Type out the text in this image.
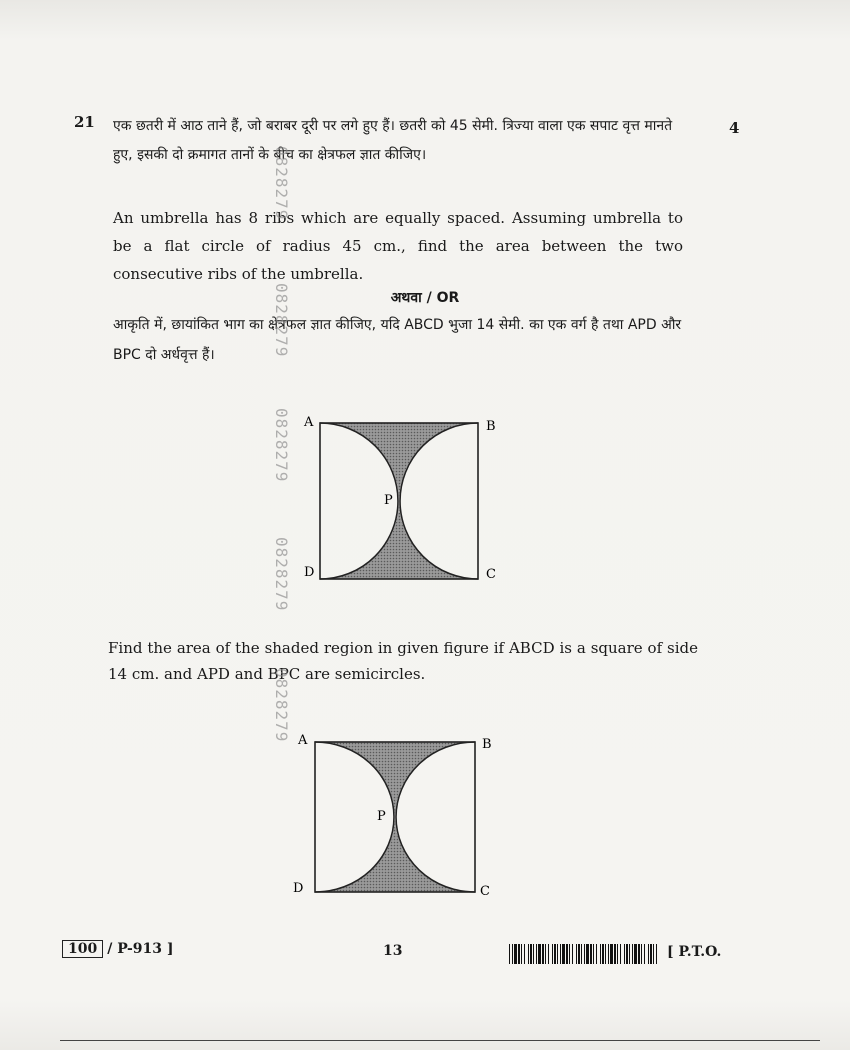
21	4
एक छतरी में आठ ताने हैं, जो बराबर दूरी पर लगे हुए हैं। छतरी को 45 सेमी. त्रिज्या वाला एक सपाट वृत्त मानते हुए, इसकी दो क्रमागत तानों के बीच का क्षेत्रफल ज्ञात कीजिए।
An umbrella has 8 ribs which are equally spaced. Assuming umbrella to be a flat circle of radius 45 cm., find the area between the two consecutive ribs of the umbrella.
अथवा / OR
आकृति में, छायांकित भाग का क्षेत्रफल ज्ञात कीजिए, यदि ABCD भुजा 14 सेमी. का एक वर्ग है तथा APD और BPC दो अर्धवृत्त हैं।
A	B
C
D
P
Find the area of the shaded region in given figure if ABCD is a square of side 14 cm. and APD and BPC are semicircles.
A	B
C
D
P
0828279
0828279
0828279
0828279
0828279
100 / P-913 ]	13	[ P.T.O.
